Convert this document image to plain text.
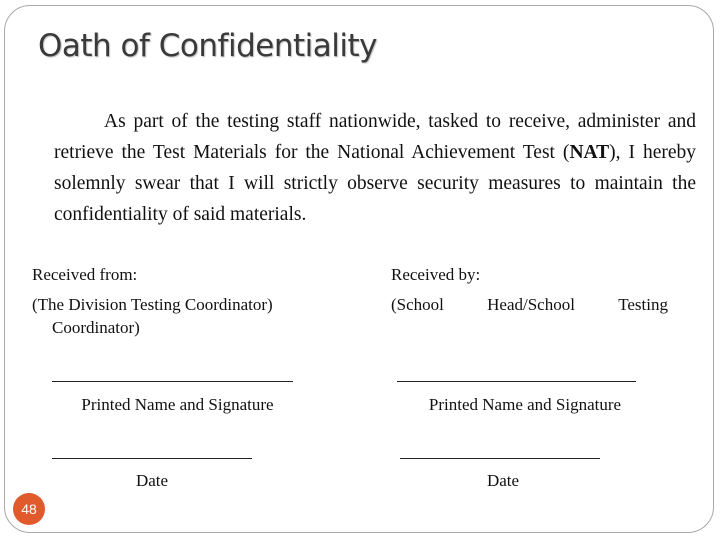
Oath of Confidentiality

As part of the testing staff nationwide, tasked to receive, administer and retrieve the Test Materials for the National Achievement Test (NAT), I hereby solemnly swear that I will strictly observe security measures to maintain the confidentiality of said materials.

Received from:
(The Division Testing Coordinator)
Coordinator)
Printed Name and Signature
Date
Received by:
(School	Head/School	Testing
Printed Name and Signature
Date
48
